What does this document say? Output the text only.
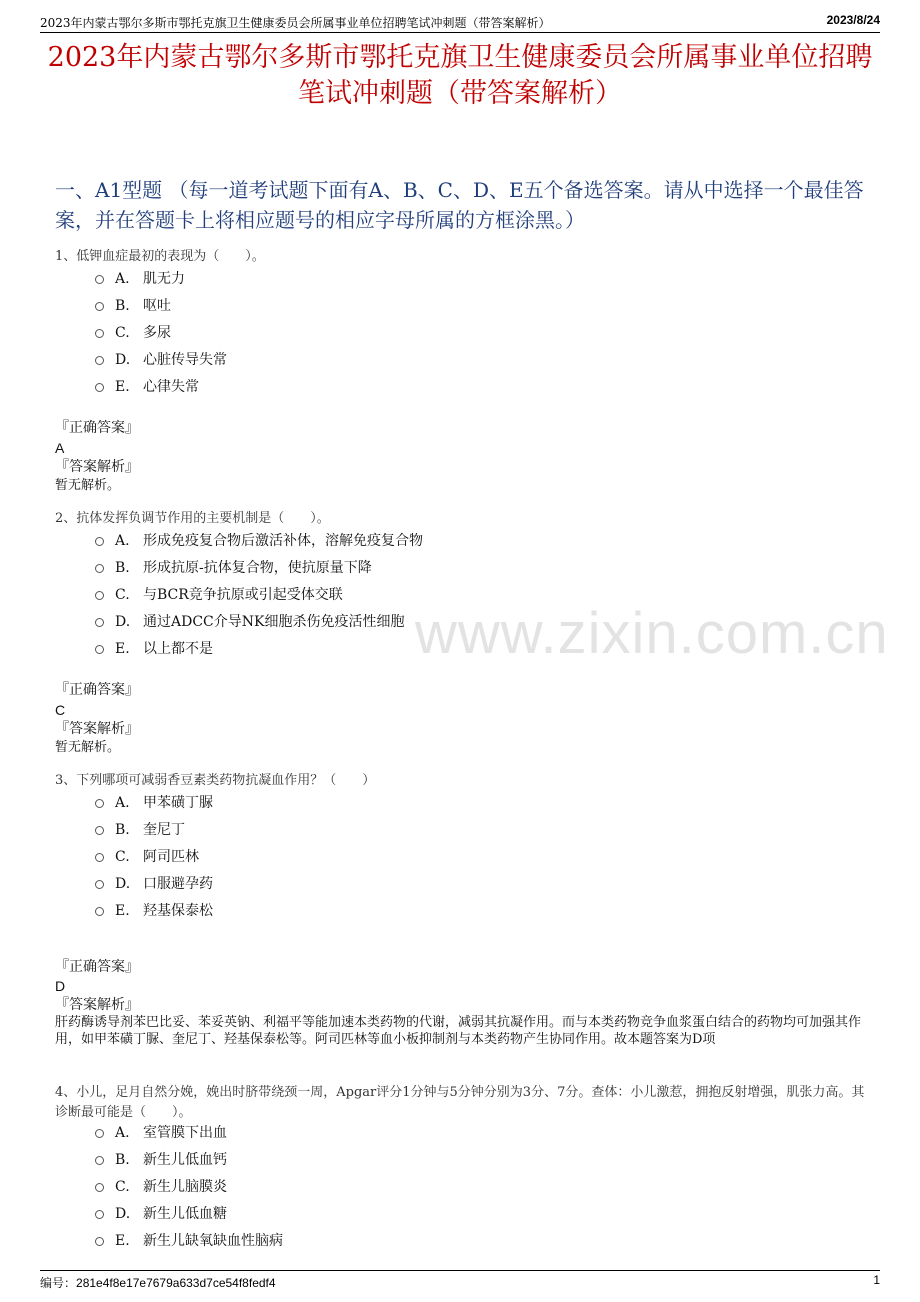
2023年内蒙古鄂尔多斯市鄂托克旗卫生健康委员会所属事业单位招聘笔试冲刺题（带答案解析）	2023/8/24
2023年内蒙古鄂尔多斯市鄂托克旗卫生健康委员会所属事业单位招聘笔试冲刺题（带答案解析）
一、A1型题 （每一道考试题下面有A、B、C、D、E五个备选答案。请从中选择一个最佳答案，并在答题卡上将相应题号的相应字母所属的方框涂黑。）
www.zixin.com.cn
1、低钾血症最初的表现为（　　）。
A. 肌无力
B. 呕吐
C. 多尿
D. 心脏传导失常
E. 心律失常
『正确答案』
A
『答案解析』
暂无解析。
2、抗体发挥负调节作用的主要机制是（　　）。
A. 形成免疫复合物后激活补体，溶解免疫复合物
B. 形成抗原-抗体复合物，使抗原量下降
C. 与BCR竞争抗原或引起受体交联
D. 通过ADCC介导NK细胞杀伤免疫活性细胞
E. 以上都不是
『正确答案』
C
『答案解析』
暂无解析。
3、下列哪项可减弱香豆素类药物抗凝血作用？（　　）
A. 甲苯磺丁脲
B. 奎尼丁
C. 阿司匹林
D. 口服避孕药
E. 羟基保泰松
『正确答案』
D
『答案解析』
肝药酶诱导剂苯巴比妥、苯妥英钠、利福平等能加速本类药物的代谢，减弱其抗凝作用。而与本类药物竞争血浆蛋白结合的药物均可加强其作用，如甲苯磺丁脲、奎尼丁、羟基保泰松等。阿司匹林等血小板抑制剂与本类药物产生协同作用。故本题答案为D项
4、小儿，足月自然分娩，娩出时脐带绕颈一周，Apgar评分1分钟与5分钟分别为3分、7分。查体：小儿激惹，拥抱反射增强，肌张力高。其诊断最可能是（　　）。
A. 室管膜下出血
B. 新生儿低血钙
C. 新生儿脑膜炎
D. 新生儿低血糖
E. 新生儿缺氧缺血性脑病
编号：281e4f8e17e7679a633d7ce54f8fedf4	1
